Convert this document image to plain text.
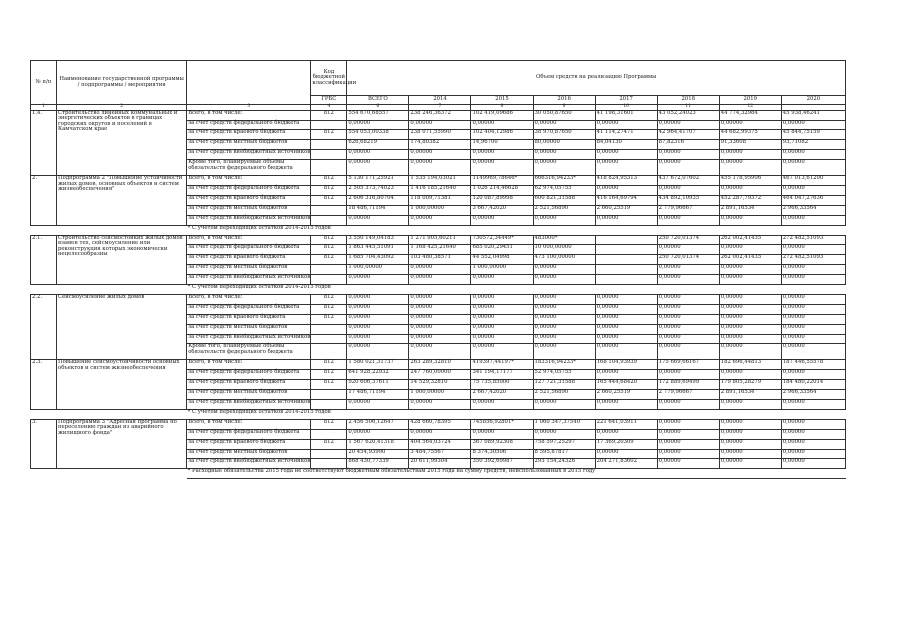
№ п/п	Наименование государственной программы / подпрограммы / мероприятия		Код бюджетной классификации	Объем средств на реализацию Программы							
			ГРБС	ВСЕГО	2014	2015	2016	2017	2018	2019	2020
1	2	3	4	6	7	8	9	10	11	12	
1.4.	Строительство линейных коммунальных и энергетических объектов в границах городских округов и поселений в Камчатском крае	Всего, в том числе:	812	554 670,68557	238 246,36372	102 419,09686	30 050,87650	41 198,31601	43 052,24023	44 774,32984	45 938,46241
		за счет средств федерального бюджета		0,00000	0,00000	0,00000	0,00000	0,00000	0,00000	0,00000	0,00000
		за счет средств краевого бюджета	812	554 053,00338	238 071,55990	102 404,12986	38 970,87650	41 114,27471	42 964,41707	44 682,99375	45 844,75159
		за счет средств местных бюджетов		626,68219	174,80382	14,96700	80,00000	84,04130	87,82316	91,33608	93,71082
		за счет средств внебюджетных источников		0,00000	0,00000	0,00000	0,00000	0,00000	0,00000	0,00000	0,00000
		Кроме того, планируемые объемы обязательств федерального бюджета		0,00000	0,00000	0,00000	0,00000	0,00000	0,00000	0,00000	0,00000
2.	Подпрограмма 2 "Повышение устойчивости жилых домов, основных объектов и систем жизнеобеспечения"	Всего, в том числе:	812	5 130 171,25921	1 535 194,03021	1149969,78646*	666316,94233*	418 824,95313	437 672,07602	455 178,95906	467 013,61200
		за счет средств федерального бюджета	812	2 505 373,74023	1 416 185,21640	1 026 214,46628	62 974,05755	0,00000	0,00000	0,00000	0,00000
		за счет средств краевого бюджета	812	2 606 316,80704	118 009,71381	120 087,89998	600 821,31588	416 164,69794	434 892,10935	452 287,79372	464 047,27636
		за счет средств местных бюджетов		18 486,71194	1 000,00000	3 667,42020	2 521,56890	2 660,25519	2 779,96667	2 891,16534	2 966,33564
		за счет средств внебюджетных источников		0,00000	0,00000	0,00000	0,00000	0,00000	0,00000	0,00000	0,00000
		* С учетом переходящих остатков 2014-2015 годов									
2.1.	Строительство сейсмостойких жилых домов взамен тех, сейсмоусиление или реконструкция которых экономически нецелесообразны	Всего, в том числе:	812	3 550 149,04183	1 271 905,60211	730572,34449*	483000*		250 720,01374	262 002,41435	272 482,51093
		за счет средств федерального бюджета	812	1 863 445,51091	1 168 425,21640	685 020,29451	10 000,00000		0,00000	0,00000	0,00000
		за счет средств краевого бюджета	812	1 685 704,43092	103 480,38571	44 552,04998	473 100,00000		250 720,01374	262 002,41435	272 482,51093
		за счет средств местных бюджетов		1 000,00000	0,00000	1 000,00000	0,00000		0,00000	0,00000	0,00000
		за счет средств внебюджетных источников		0,00000	0,00000	0,00000	0,00000		0,00000	0,00000	0,00000
		* С учетом переходящих остатков 2014-2015 годов									
2.2.	Сейсмоусиление жилых домов	Всего, в том числе:	812	0,00000	0,00000	0,00000	0,00000	0,00000	0,00000	0,00000	0,00000
		за счет средств федерального бюджета	812	0,00000	0,00000	0,00000	0,00000	0,00000	0,00000	0,00000	0,00000
		за счет средств краевого бюджета	812	0,00000	0,00000	0,00000	0,00000	0,00000	0,00000	0,00000	0,00000
		за счет средств местных бюджетов		0,00000	0,00000	0,00000	0,00000	0,00000	0,00000	0,00000	0,00000
		за счет средств внебюджетных источников		0,00000	0,00000	0,00000	0,00000	0,00000	0,00000	0,00000	0,00000
		Кроме того, планируемые объемы обязательств федерального бюджета		0,00000	0,00000	0,00000	0,00000	0,00000	0,00000	0,00000	0,00000
2.3.	Повышение сейсмоустойчивости основных объектов и систем жизнеобеспечения	Всего, в том числе:	812	1 580 021,31737	263 289,32810	419397,44197*	183316,94233*	168 104,93939	175 669,66167	182 696,44813	187 446,55578
		за счет средств федерального бюджета	812	641 928,22932	247 760,00000	341 194,17177	52 974,05755	0,00000	0,00000	0,00000	0,00000
		за счет средств краевого бюджета	812	920 606,37611	14 529,32810	75 735,85000	127 721,31588	165 444,68420	172 889,69499	179 805,28279	184 480,22014
		за счет средств местных бюджетов		17 486,71194	1 000,00000	2 667,42020	2 521,56890	2 660,25519	2 779,96667	2 891,16534	2 966,33564
		за счет средств внебюджетных источников		0,00000	0,00000	0,00000	0,00000	0,00000	0,00000	0,00000	0,00000
		* С учетом переходящих остатков 2014-2015 годов									
3.	Подпрограмма 3 "Адресная программа по переселению граждан из аварийного жилищного фонда"	Всего, в том числе:	812	2 456 506,12647	428 660,78395	745856,92801*	1 060 347,37540	221 641,03911	0,00000	0,00000	0,00000
		за счет средств федерального бюджета		0,00000	0,00000	0,00000	0,00000	0,00000	0,00000	0,00000	0,00000
		за счет средств краевого бюджета	812	1 567 620,41318	404 564,03724	367 089,92308	758 597,25297	17 369,20309	0,00000	0,00000	0,00000
		за счет средств местных бюджетов		20 454,93990	3 484,75567	8 374,30506	8 595,87817	0,00000	0,00000	0,00000	0,00000
		за счет средств внебюджетных источников		868 430,77339	20 611,99304	350 392,69987	293 154,24326	204 271,83602	0,00000	0,00000	0,00000
		* Расходные обязательства 2015 года не соответствуют бюджетным обязательствам 2015 года на сумму средств, неиспользованных в 2015 году									
